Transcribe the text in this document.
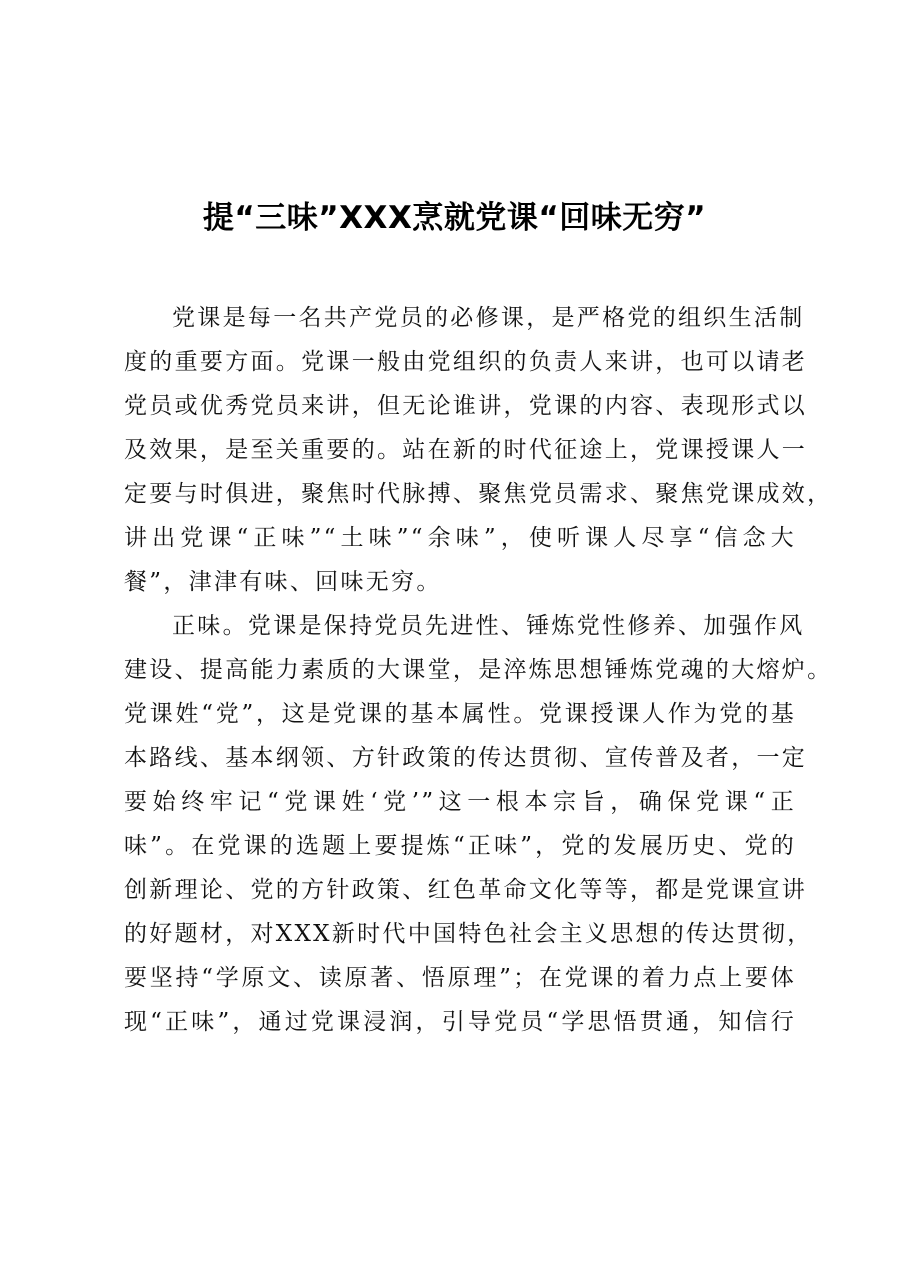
提“三味”XXX烹就党课“回味无穷”
党课是每一名共产党员的必修课，是严格党的组织生活制
度的重要方面。党课一般由党组织的负责人来讲，也可以请老
党员或优秀党员来讲，但无论谁讲，党课的内容、表现形式以
及效果，是至关重要的。站在新的时代征途上，党课授课人一
定要与时俱进，聚焦时代脉搏、聚焦党员需求、聚焦党课成效，
讲出党课“正味”“土味”“余味”，使听课人尽享“信念大
餐”，津津有味、回味无穷。
正味。党课是保持党员先进性、锤炼党性修养、加强作风
建设、提高能力素质的大课堂，是淬炼思想锤炼党魂的大熔炉。
党课姓“党”，这是党课的基本属性。党课授课人作为党的基
本路线、基本纲领、方针政策的传达贯彻、宣传普及者，一定
要始终牢记“党课姓‘党’”这一根本宗旨，确保党课“正
味”。在党课的选题上要提炼“正味”，党的发展历史、党的
创新理论、党的方针政策、红色革命文化等等，都是党课宣讲
的好题材，对XXX新时代中国特色社会主义思想的传达贯彻，
要坚持“学原文、读原著、悟原理”；在党课的着力点上要体
现“正味”，通过党课浸润，引导党员“学思悟贯通，知信行
